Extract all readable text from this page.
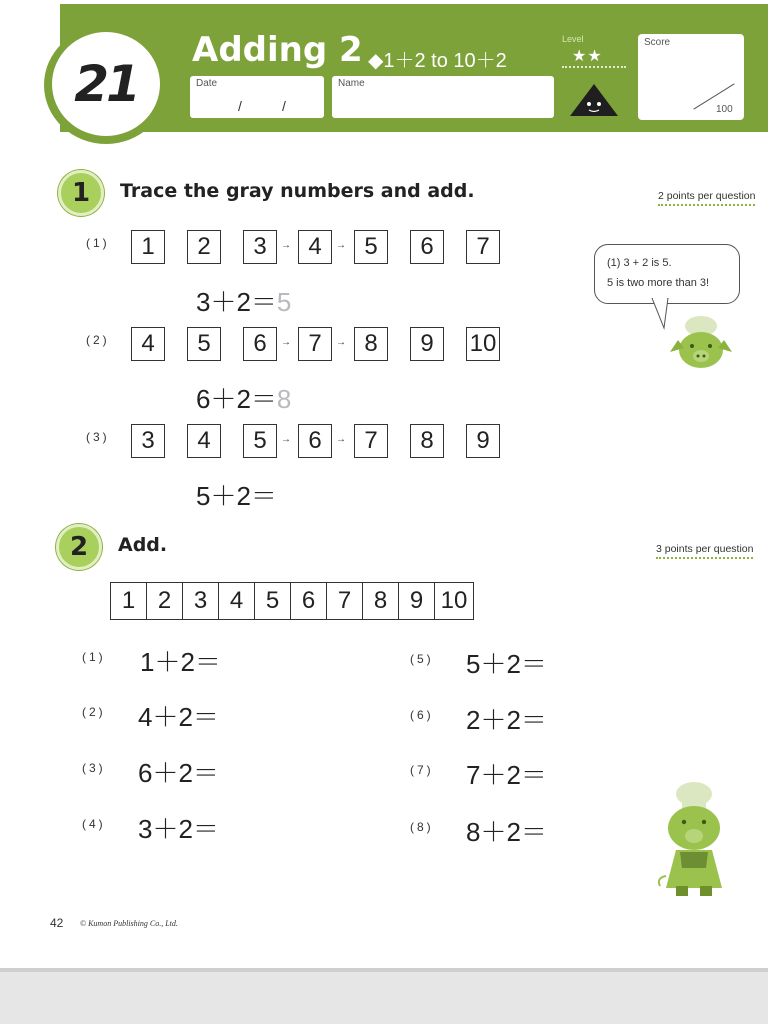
21
Adding 2 ◆1＋2 to 10＋2
Date
/	/
Name
Level
★★
Score
100
1	Trace the gray numbers and add.	2 points per question
(1)	1	2	3	→ 4	→ 5	6	7
3＋2＝5
(2)	4	5	6	→ 7	→ 8	9	10
6＋2＝8
(3)	3	4	5	→ 6	→ 7	8	9
5＋2＝
(1) 3 + 2 is 5.
5 is two more than 3!
2	Add.	3 points per question
1 2 3 4 5 6 7 8 9 10
(1) 1＋2＝
(2) 4＋2＝
(3) 6＋2＝
(4) 3＋2＝
(5) 5＋2＝
(6) 2＋2＝
(7) 7＋2＝
(8) 8＋2＝
42 © Kumon Publishing Co., Ltd.
